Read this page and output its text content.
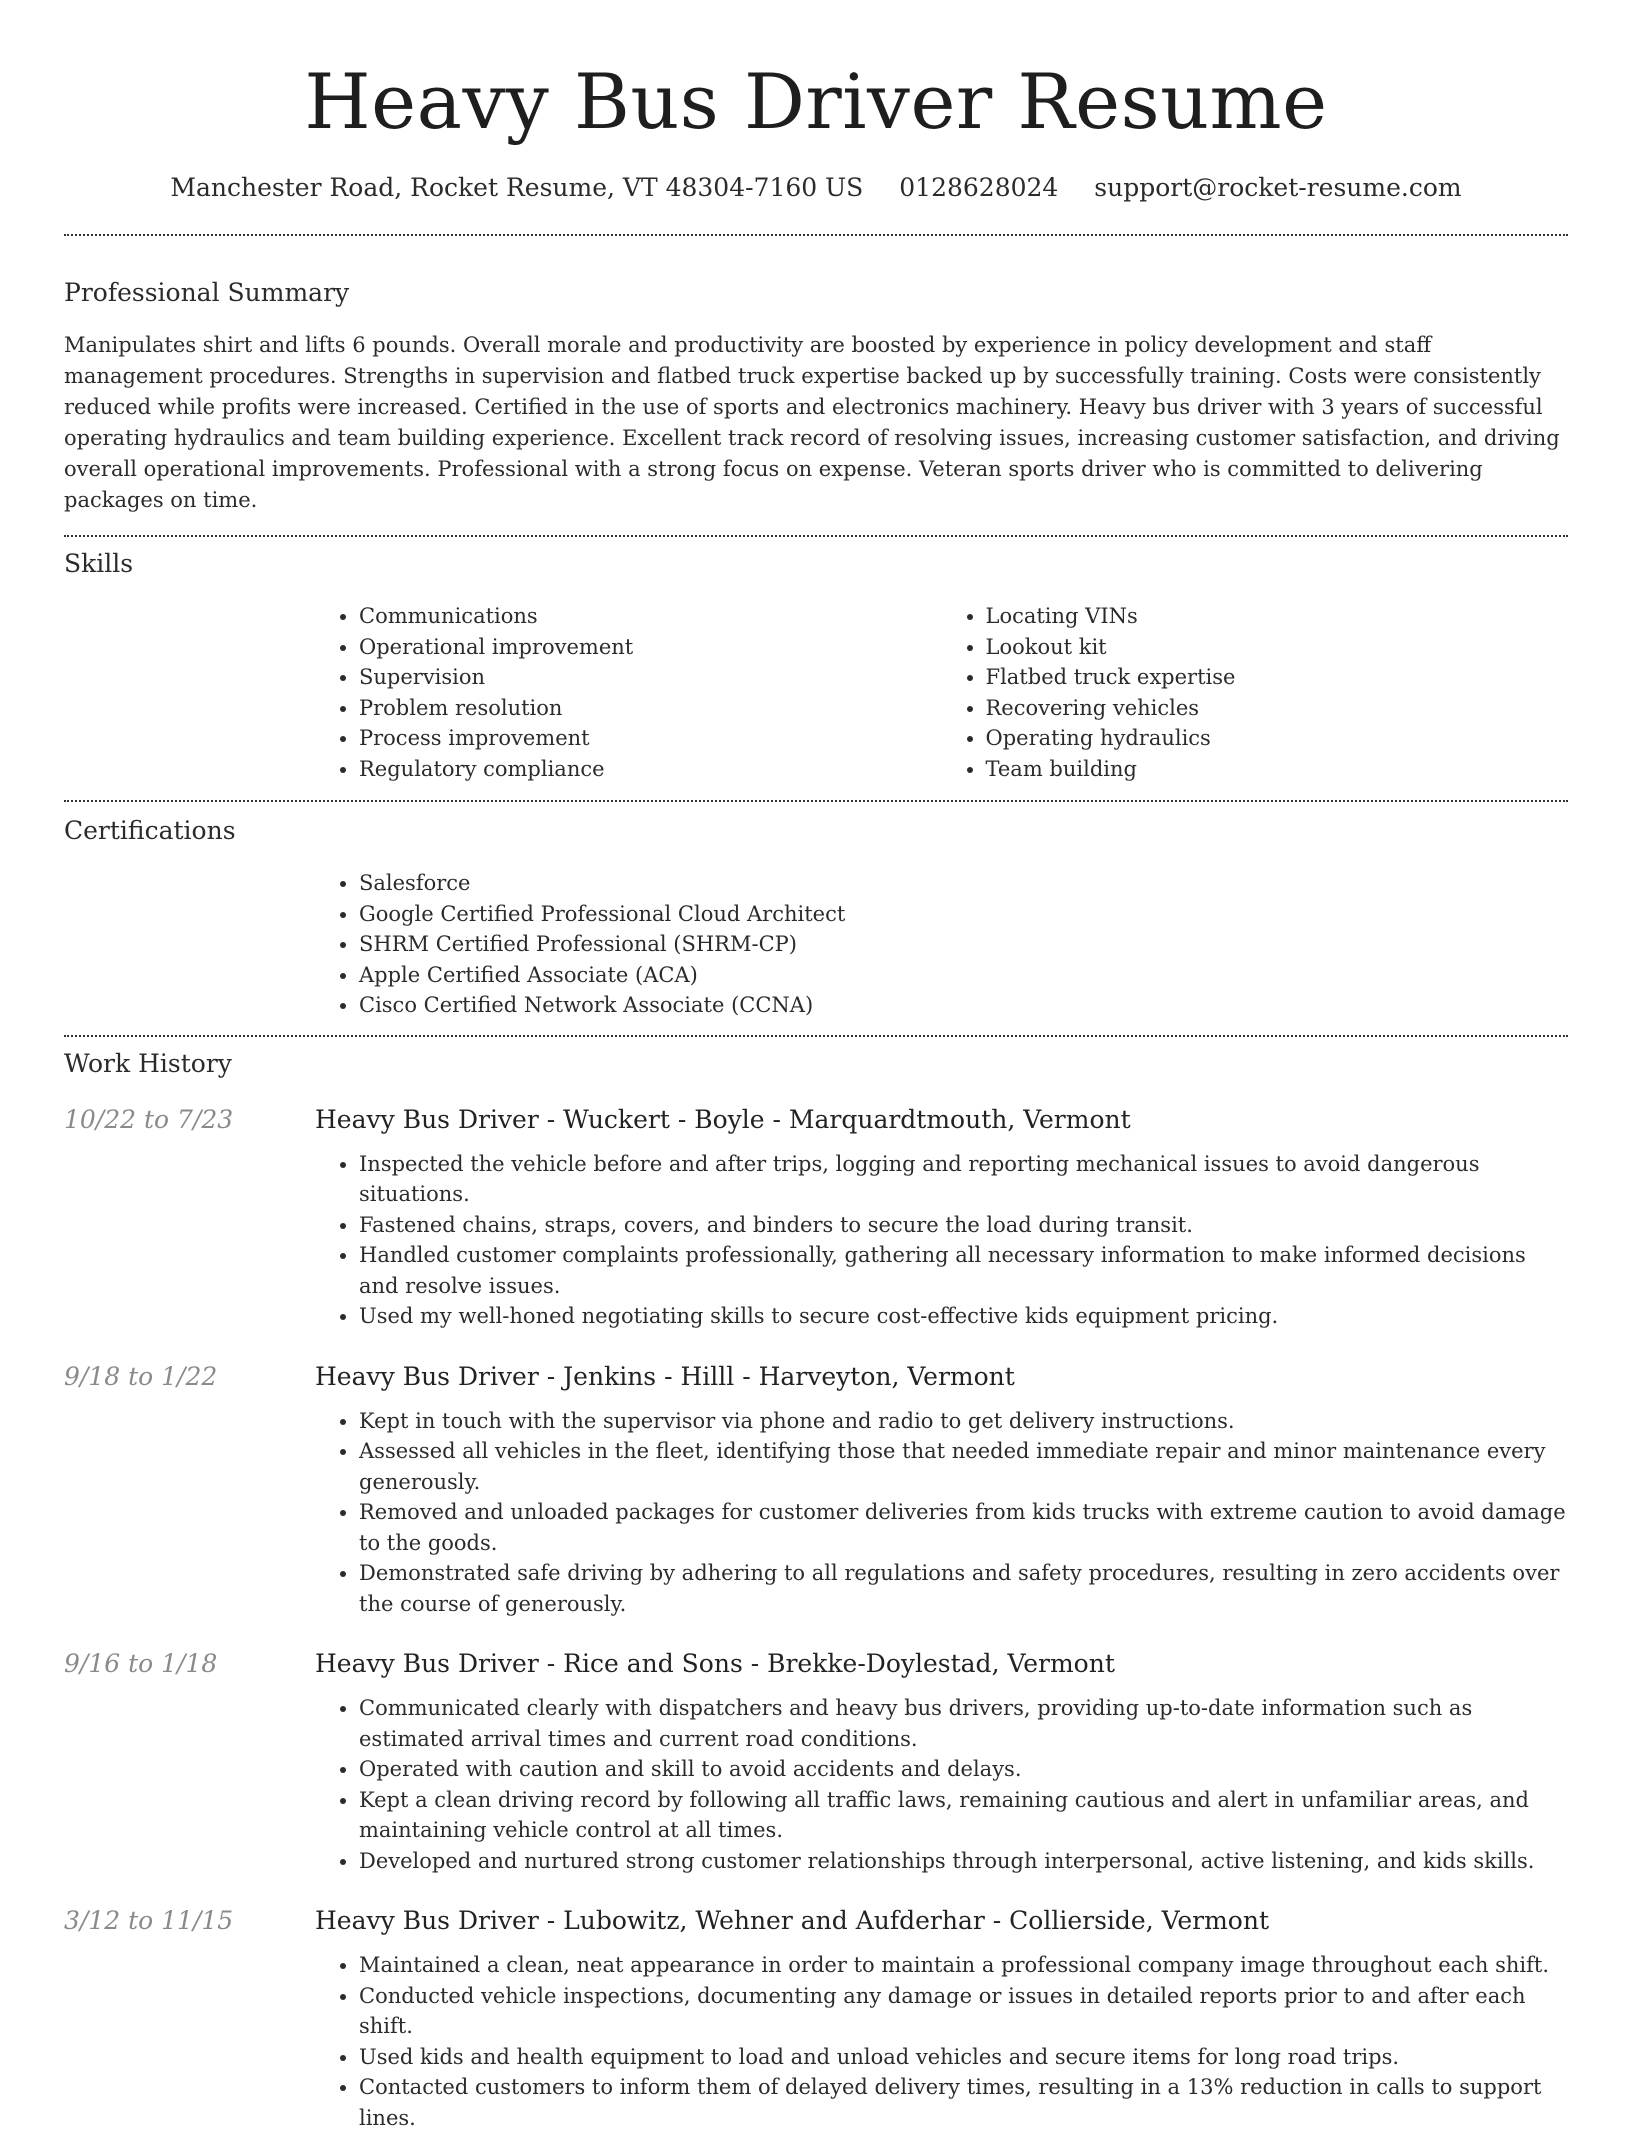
Heavy Bus Driver Resume
Manchester Road, Rocket Resume, VT 48304-7160 US 0128628024 support@rocket-resume.com
Professional Summary

Manipulates shirt and lifts 6 pounds. Overall morale and productivity are boosted by experience in policy development and staff management procedures. Strengths in supervision and flatbed truck expertise backed up by successfully training. Costs were consistently reduced while profits were increased. Certified in the use of sports and electronics machinery. Heavy bus driver with 3 years of successful operating hydraulics and team building experience. Excellent track record of resolving issues, increasing customer satisfaction, and driving overall operational improvements. Professional with a strong focus on expense. Veteran sports driver who is committed to delivering packages on time.

Skills
• Communications
• Operational improvement
• Supervision
• Problem resolution
• Process improvement
• Regulatory compliance
• Locating VINs
• Lookout kit
• Flatbed truck expertise
• Recovering vehicles
• Operating hydraulics
• Team building
Certifications
• Salesforce
• Google Certified Professional Cloud Architect
• SHRM Certified Professional (SHRM-CP)
• Apple Certified Associate (ACA)
• Cisco Certified Network Associate (CCNA)
Work History
10/22 to 7/23	Heavy Bus Driver - Wuckert - Boyle - Marquardtmouth, Vermont
• Inspected the vehicle before and after trips, logging and reporting mechanical issues to avoid dangerous situations.
• Fastened chains, straps, covers, and binders to secure the load during transit.
• Handled customer complaints professionally, gathering all necessary information to make informed decisions and resolve issues.
• Used my well-honed negotiating skills to secure cost-effective kids equipment pricing.
9/18 to 1/22	Heavy Bus Driver - Jenkins - Hilll - Harveyton, Vermont
• Kept in touch with the supervisor via phone and radio to get delivery instructions.
• Assessed all vehicles in the fleet, identifying those that needed immediate repair and minor maintenance every generously.
• Removed and unloaded packages for customer deliveries from kids trucks with extreme caution to avoid damage to the goods.
• Demonstrated safe driving by adhering to all regulations and safety procedures, resulting in zero accidents over the course of generously.
9/16 to 1/18	Heavy Bus Driver - Rice and Sons - Brekke-Doylestad, Vermont
• Communicated clearly with dispatchers and heavy bus drivers, providing up-to-date information such as estimated arrival times and current road conditions.
• Operated with caution and skill to avoid accidents and delays.
• Kept a clean driving record by following all traffic laws, remaining cautious and alert in unfamiliar areas, and maintaining vehicle control at all times.
• Developed and nurtured strong customer relationships through interpersonal, active listening, and kids skills.
3/12 to 11/15	Heavy Bus Driver - Lubowitz, Wehner and Aufderhar - Collierside, Vermont
• Maintained a clean, neat appearance in order to maintain a professional company image throughout each shift.
• Conducted vehicle inspections, documenting any damage or issues in detailed reports prior to and after each shift.
• Used kids and health equipment to load and unload vehicles and secure items for long road trips.
• Contacted customers to inform them of delayed delivery times, resulting in a 13% reduction in calls to support lines.
